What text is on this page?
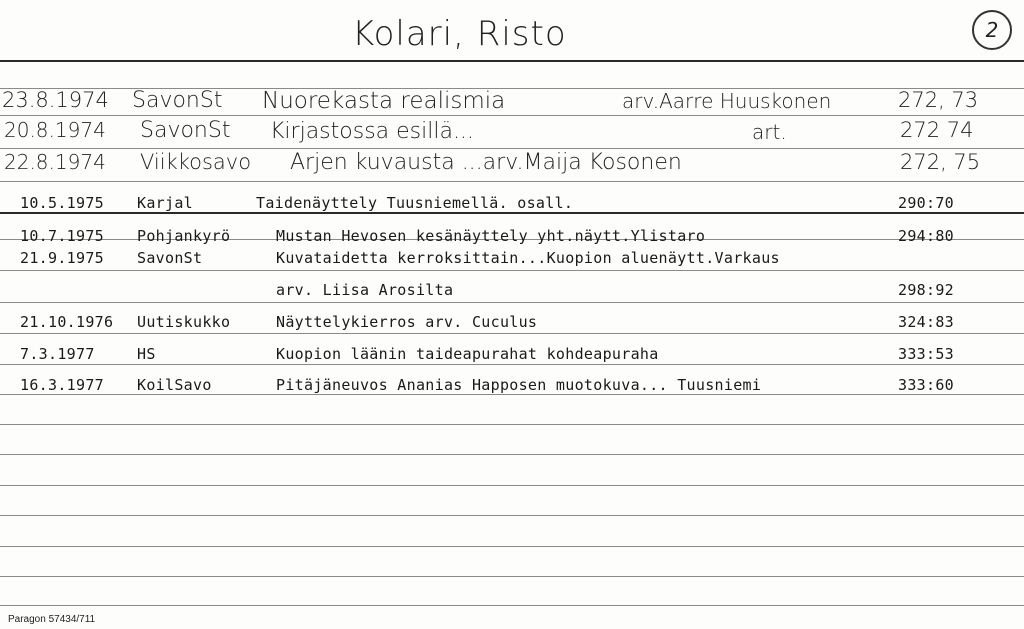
Kolari, Risto	2
23.8.1974 SavonSt Nuorekasta realismia	arv.Aarre Huuskonen	272, 73
20.8.1974 SavonSt Kirjastossa esillä...	art.	272 74
22.8.1974 Viikkosavo Arjen kuvausta ...arv.Maija Kosonen	272, 75
10.5.1975 Karjal	Taidenäyttely Tuusniemellä. osall.	290:70
10.7.1975 Pohjankyrö	Mustan Hevosen kesänäyttely yht.näytt.Ylistaro	294:80
21.9.1975 SavonSt	Kuvataidetta kerroksittain...Kuopion aluenäytt.Varkaus
arv. Liisa Arosilta	298:92
21.10.1976 Uutiskukko	Näyttelykierros arv. Cuculus	324:83
7.3.1977	HS	Kuopion läänin taideapurahat kohdeapuraha	333:53
16.3.1977 KoilSavo	Pitäjäneuvos Ananias Happosen muotokuva... Tuusniemi	333:60
Paragon 57434/711
